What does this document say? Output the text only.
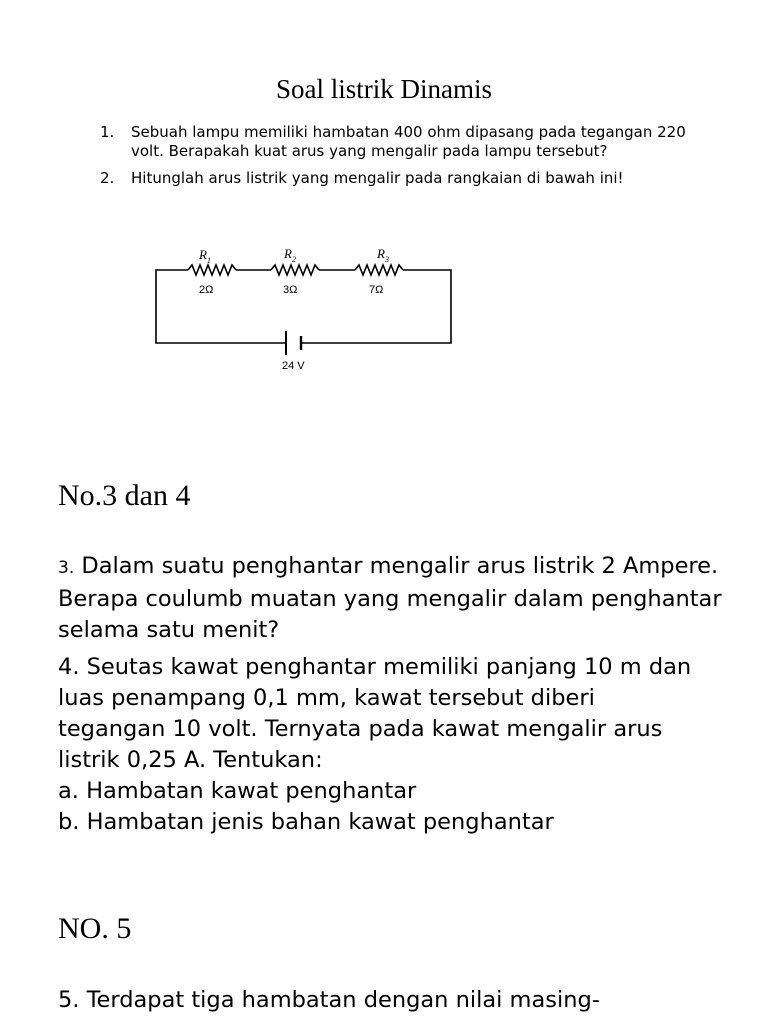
Soal listrik Dinamis
1. Sebuah lampu memiliki hambatan 400 ohm dipasang pada tegangan 220 volt. Berapakah kuat arus yang mengalir pada lampu tersebut?
2. Hitunglah arus listrik yang mengalir pada rangkaian di bawah ini!
$R_1$	$R_2$	$R_3$
2Ω	3Ω	7Ω
24 V
No.3 dan 4
3. Dalam suatu penghantar mengalir arus listrik 2 Ampere. Berapa coulumb muatan yang mengalir dalam penghantar selama satu menit?
4. Seutas kawat penghantar memiliki panjang 10 m dan
luas penampang 0,1 mm, kawat tersebut diberi
tegangan 10 volt. Ternyata pada kawat mengalir arus
listrik 0,25 A. Tentukan:
a. Hambatan kawat penghantar
b. Hambatan jenis bahan kawat penghantar
NO. 5
5. Terdapat tiga hambatan dengan nilai masing-
